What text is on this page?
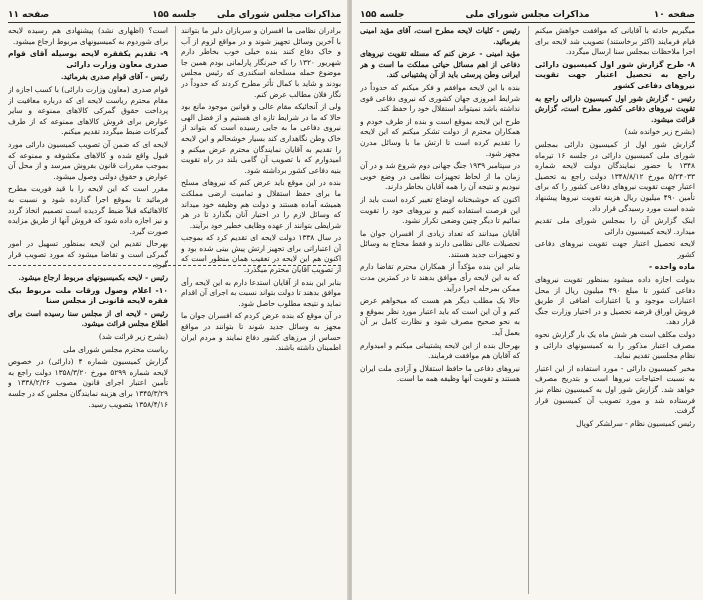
مذاکرات مجلس شورای ملی
جلسه ۱۵۵
صفحه ۱۱

برادران نظامی ما افسران و سربازان دلیر ما بتوانند با آخرین وسائل تجهیز شوند و در مواقع لزوم از آب و خاک دفاع کنند بنده خیلی خوب بخاطر دارم شهریور ۱۳۲۰ را که خبرنگار پارلمانی بودم همین جا موضوع حمله مسلحانه اسکندری که رئیس مجلس بودند و شاید با کمال تأثر مطرح کردند که حدوداً در نگار فلان مطالب عرض کنم.

ولی از آنجائیکه مقام عالی و قوانین موجود مانع بود حالا که ما در شرایط تازه ای هستیم و از فضل الهی نیروی دفاعی ما به جایی رسیده است که بتواند از خاک وطن نگاهداری کند بسیار خوشحالم و این لایحه را تقدیم به آقایان نمایندگان محترم عرض میکنم و امیدوارم که با تصویب آن گامی بلند در راه تقویت بنیه دفاعی کشور برداشته شود.

بنده در این موقع باید عرض کنم که نیروهای مسلح ما برای حفظ استقلال و تمامیت ارضی مملکت همیشه آماده هستند و دولت هم وظیفه خود میداند که وسائل لازم را در اختیار آنان بگذارد تا در هر شرایطی بتوانند از عهده وظایف خطیر خود برآیند.

در سال ۱۳۳۸ دولت لایحه ای تقدیم کرد که بموجب آن اعتباراتی برای تجهیز ارتش پیش بینی شده بود و اکنون هم این لایحه در تعقیب همان منظور است که از تصویب آقایان محترم میگذرد.

بنابر این بنده از آقایان استدعا دارم به این لایحه رأی موافق بدهند تا دولت بتواند نسبت به اجرای آن اقدام نماید و نتیجه مطلوب حاصل شود.

در آن موقع که بنده عرض کردم که افسران جوان ما مجهز به وسائل جدید شوند تا بتوانند در مواقع حساس از مرزهای کشور دفاع نمایند و مردم ایران اطمینان داشته باشند.

است؟ (اظهاری نشد) پیشنهادی هم رسیده لایحه برای شوردوم به کمیسیونهای مربوط ارجاع میشود.

۹- تقدیم یکفقره لایحه بوسیله آقای قوام صدری معاون وزارت دارائی

رئیس - آقای قوام صدری بفرمائید.

قوام صدری (معاون وزارت دارائی) با کسب اجازه از مقام محترم ریاست لایحه ای که درباره معافیت از پرداخت حقوق گمرکی کالاهای ممنوعه و سایر عوارض برای فروش کالاهای ممنوعه که از طرف گمرکات ضبط میگردد تقدیم میکنم.

لایحه ای که ضمن آن تصویب کمیسیون دارائی مورد قبول واقع شده و کالاهای مکشوفه و ممنوعه که بموجب مقررات قانون بفروش میرسد و از محل آن عوارض و حقوق دولتی وصول میشود.

مقرر است که این لایحه را با قید فوریت مطرح فرمائید تا بموقع اجرا گذارده شود و نسبت به کالاهائیکه قبلاً ضبط گردیده است تصمیم اتخاذ گردد و نیز اجازه داده شود که فروش آنها از طریق مزایده صورت گیرد.

بهرحال تقدیم این لایحه بمنظور تسهیل در امور گمرکی است و تقاضا میشود که مورد تصویب قرار گیرد.

رئیس - لایحه بکمیسیونهای مربوط ارجاع میشود.

۱۰- اعلام وصول ورقات ملت مربوط بیک فقره لایحه قانونی از مجلس سنا

رئیس - لایحه ای از مجلس سنا رسیده است برای اطلاع مجلس قرائت میشود.

(بشرح زیر قرائت شد)

ریاست محترم مجلس شورای ملی

گزارش کمیسیون شماره ۴ (دارائی) در خصوص لایحه شماره ۵۲۹۹ مورخ ۱۳۵۸/۳/۲۰ دولت راجع به تأمین اعتبار اجرای قانون مصوب ۱۳۳۸/۲/۲۶ و ۱۳۴۵/۳/۲۹ برای هزینه نمایندگان مجلس که در جلسه ۱۳۵۸/۴/۱۶ بتصویب رسید.

صفحه ۱۰
مذاکرات مجلس شورای ملی
جلسه ۱۵۵

میگیریم حادثه با آقایانی که موافقت خواهش میکنم قیام فرمایند (اکثر برخاستند) تصویب شد لایحه برای اجرا ملاحظات بمجلس سنا ارسال میگردد.

۸- طرح گزارش شور اول کمیسیون دارائی راجع به تحصیل اعتبار جهت تقویت نیروهای دفاعی کشور

رئیس - گزارش شور اول کمیسیون دارائی راجع به تقویت نیروهای دفاعی کشور مطرح است، گزارش قرائت میشود.

(بشرح زیر خوانده شد)

گزارش شور اول از کمیسیون دارائی بمجلس شورای ملی کمیسیون دارائی در جلسه ۱۶ تیرماه ۱۳۴۸ با حضور نمایندگان دولت لایحه شماره ۵/۲۴۰۳۳ مورخ ۱۳۴۸/۸/۱۲ دولت راجع به تحصیل اعتبار جهت تقویت نیروهای دفاعی کشور را که برای تأمین ۴۹۰ میلیون ریال هزینه تقویت نیروها پیشنهاد شده است مورد رسیدگی قرار داد.

اینک گزارش آن را بمجلس شورای ملی تقدیم میدارد. لایحه کمیسیون دارائی

لایحه تحصیل اعتبار جهت تقویت نیروهای دفاعی کشور

ماده واحده -

بدولت اجازه داده میشود بمنظور تقویت نیروهای دفاعی کشور تا مبلغ ۴۹۰ میلیون ریال از محل اعتبارات موجود و یا اعتبارات اضافی از طریق فروش اوراق قرضه تحصیل و در اختیار وزارت جنگ قرار دهد.

دولت مکلف است هر شش ماه یک بار گزارش نحوه مصرف اعتبار مذکور را به کمیسیونهای دارائی و نظام مجلسین تقدیم نماید.

مخبر کمیسیون دارائی - مورد استفاده از این اعتبار به نسبت احتیاجات نیروها است و بتدریج مصرف خواهد شد. گزارش شور اول به کمیسیون نظام نیز فرستاده شد و مورد تصویب آن کمیسیون قرار گرفت.

رئیس کمیسیون نظام - سرلشکر کوپال

رئیس - کلیات لایحه مطرح است، آقای مؤید امینی بفرمائید.

مؤید امینی - عرض کنم که مسئله تقویت نیروهای دفاعی از اهم مسائل حیاتی مملکت ما است و هر ایرانی وطن پرستی باید از آن پشتیبانی کند.

بنده با این لایحه موافقم و فکر میکنم که حدوداً در شرایط امروزی جهان کشوری که نیروی دفاعی قوی نداشته باشد نمیتواند استقلال خود را حفظ کند.

طرح این لایحه بموقع است و بنده از طرف خودم و همکاران محترم از دولت تشکر میکنم که این لایحه را تقدیم کرده است تا ارتش ما با وسائل مدرن مجهز شود.

در سپتامبر ۱۹۳۹ جنگ جهانی دوم شروع شد و در آن زمان ما از لحاظ تجهیزات نظامی در وضع خوبی نبودیم و نتیجه آن را همه آقایان بخاطر دارند.

اکنون که خوشبختانه اوضاع تغییر کرده است باید از این فرصت استفاده کنیم و نیروهای خود را تقویت نمائیم تا دیگر چنین وضعی تکرار نشود.

آقایان میدانند که تعداد زیادی از افسران جوان ما تحصیلات عالی نظامی دارند و فقط محتاج به وسائل و تجهیزات جدید هستند.

بنابر این بنده مؤکداً از همکاران محترم تقاضا دارم که به این لایحه رأی موافق بدهند تا در کمترین مدت ممکن بمرحله اجرا درآید.

حالا یک مطلب دیگر هم هست که میخواهم عرض کنم و آن این است که باید اعتبار مورد نظر بموقع و به نحو صحیح مصرف شود و نظارت کامل بر آن بعمل آید.

بهرحال بنده از این لایحه پشتیبانی میکنم و امیدوارم که آقایان هم موافقت فرمایند.

نیروهای دفاعی ما حافظ استقلال و آزادی ملت ایران هستند و تقویت آنها وظیفه همه ما است.
